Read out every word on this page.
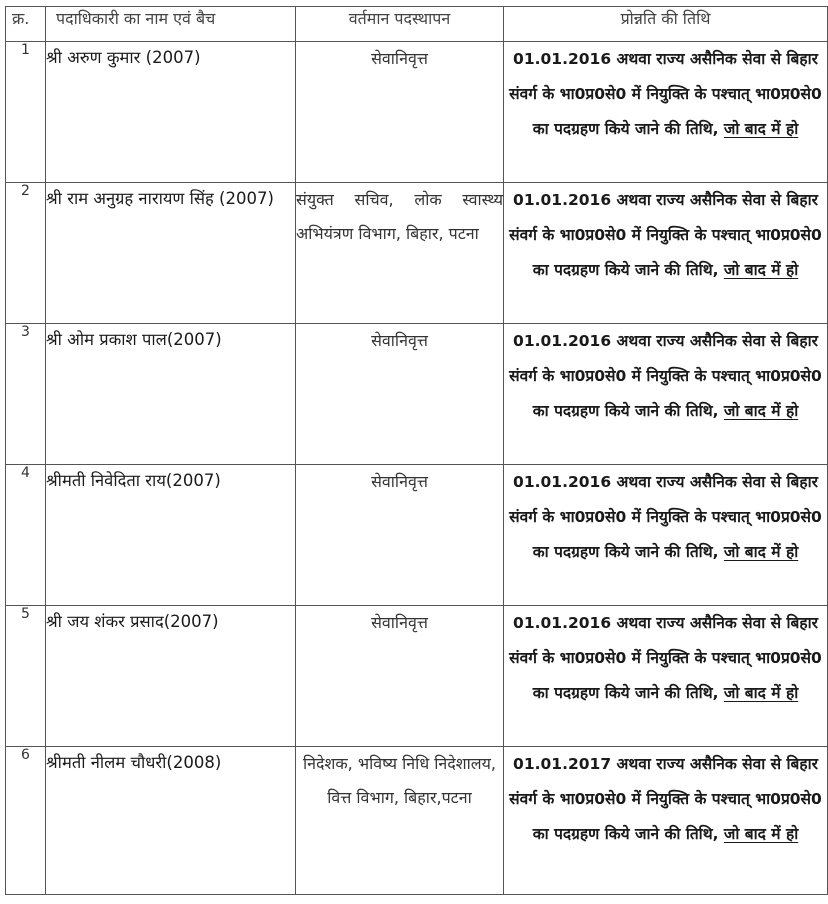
क्र.	पदाधिकारी का नाम एवं बैच	वर्तमान पदस्थापन	प्रोन्नति की तिथि
1	श्री अरुण कुमार (2007)	सेवानिवृत्त	01.01.2016 अथवा राज्य असैनिक सेवा से बिहार संवर्ग के भा0प्र0से0 में नियुक्ति के पश्चात् भा0प्र0से0 का पदग्रहण किये जाने की तिथि, जो बाद में हो
2	श्री राम अनुग्रह नारायण सिंह (2007)	संयुक्त सचिव, लोक स्वास्थ्य अभियंत्रण विभाग, बिहार, पटना	01.01.2016 अथवा राज्य असैनिक सेवा से बिहार संवर्ग के भा0प्र0से0 में नियुक्ति के पश्चात् भा0प्र0से0 का पदग्रहण किये जाने की तिथि, जो बाद में हो
3	श्री ओम प्रकाश पाल(2007)	सेवानिवृत्त	01.01.2016 अथवा राज्य असैनिक सेवा से बिहार संवर्ग के भा0प्र0से0 में नियुक्ति के पश्चात् भा0प्र0से0 का पदग्रहण किये जाने की तिथि, जो बाद में हो
4	श्रीमती निवेदिता राय(2007)	सेवानिवृत्त	01.01.2016 अथवा राज्य असैनिक सेवा से बिहार संवर्ग के भा0प्र0से0 में नियुक्ति के पश्चात् भा0प्र0से0 का पदग्रहण किये जाने की तिथि, जो बाद में हो
5	श्री जय शंकर प्रसाद(2007)	सेवानिवृत्त	01.01.2016 अथवा राज्य असैनिक सेवा से बिहार संवर्ग के भा0प्र0से0 में नियुक्ति के पश्चात् भा0प्र0से0 का पदग्रहण किये जाने की तिथि, जो बाद में हो
6	श्रीमती नीलम चौधरी(2008)	निदेशक, भविष्य निधि निदेशालय, वित्त विभाग, बिहार,पटना	01.01.2017 अथवा राज्य असैनिक सेवा से बिहार संवर्ग के भा0प्र0से0 में नियुक्ति के पश्चात् भा0प्र0से0 का पदग्रहण किये जाने की तिथि, जो बाद में हो
